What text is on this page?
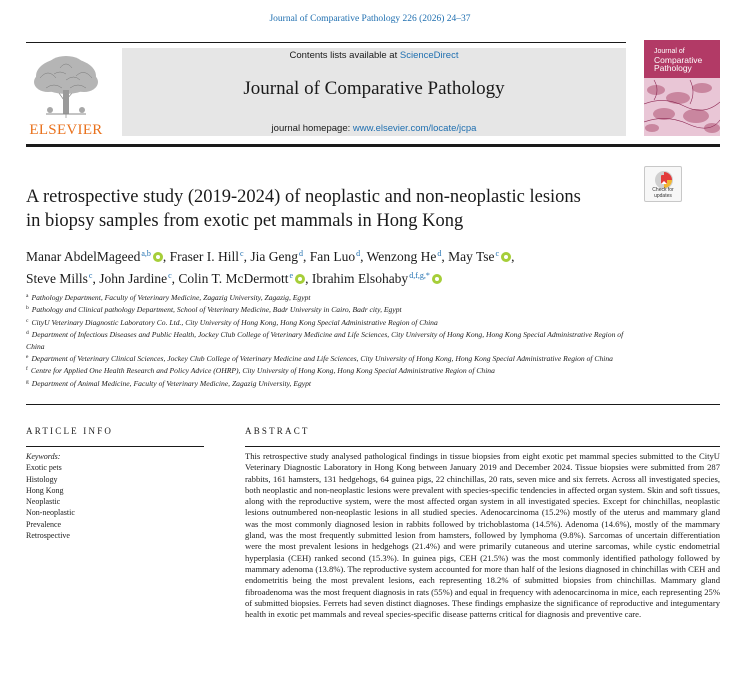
Journal of Comparative Pathology 226 (2026) 24–37
ELSEVIER
Contents lists available at ScienceDirect
Journal of Comparative Pathology
journal homepage: www.elsevier.com/locate/jcpa
Journal of
Comparative
Pathology
Check for
updates
A retrospective study (2019-2024) of neoplastic and non-neoplastic lesions
in biopsy samples from exotic pet mammals in Hong Kong
Manar AbdelMageed$^{a,b}$ , Fraser I. Hill$^c$, Jia Geng$^d$, Fan Luo$^d$, Wenzong He$^d$, May Tse$^c$ ,
Steve Mills$^c$, John Jardine$^c$, Colin T. McDermott$^e$ , Ibrahim Elsohaby$^{d,f,g,*}$
$^a$ Pathology Department, Faculty of Veterinary Medicine, Zagazig University, Zagazig, Egypt
$^b$ Pathology and Clinical pathology Department, School of Veterinary Medicine, Badr University in Cairo, Badr city, Egypt
$^c$ CityU Veterinary Diagnostic Laboratory Co. Ltd., City University of Hong Kong, Hong Kong Special Administrative Region of China
$^d$ Department of Infectious Diseases and Public Health, Jockey Club College of Veterinary Medicine and Life Sciences, City University of Hong Kong, Hong Kong Special Administrative Region of China
$^e$ Department of Veterinary Clinical Sciences, Jockey Club College of Veterinary Medicine and Life Sciences, City University of Hong Kong, Hong Kong Special Administrative Region of China
$^f$ Centre for Applied One Health Research and Policy Advice (OHRP), City University of Hong Kong, Hong Kong Special Administrative Region of China
$^g$ Department of Animal Medicine, Faculty of Veterinary Medicine, Zagazig University, Egypt
ARTICLE INFO	ABSTRACT
Keywords:
Exotic pets
Histology
Hong Kong
Neoplastic
Non-neoplastic
Prevalence
Retrospective
This retrospective study analysed pathological findings in tissue biopsies from eight exotic pet mammal species submitted to the CityU Veterinary Diagnostic Laboratory in Hong Kong between January 2019 and December 2024. Tissue biopsies were submitted from 287 rabbits, 161 hamsters, 131 hedgehogs, 64 guinea pigs, 22 chinchillas, 20 rats, seven mice and six ferrets. Across all investigated species, both neoplastic and non-neoplastic lesions were prevalent with species-specific tendencies in affected organ system. Skin and soft tissues, along with the reproductive system, were the most affected organ system in all investigated species. Except for chinchillas, neoplastic lesions outnumbered non-neoplastic lesions in all studied species. Adenocarcinoma (15.2%) mostly of the uterus and mammary gland was the most commonly diagnosed lesion in rabbits followed by trichoblastoma (14.5%). Adenoma (14.6%), mostly of the mammary gland, was the most frequently submitted lesion from hamsters, followed by lymphoma (9.8%). Sarcomas of uncertain differentiation were the most prevalent lesions in hedgehogs (21.4%) and were primarily cutaneous and uterine sarcomas, while cystic endometrial hyperplasia (CEH) ranked second (15.3%). In guinea pigs, CEH (21.5%) was the most commonly identified pathology followed by mammary adenoma (13.8%). The reproductive system accounted for more than half of the lesions diagnosed in chinchillas with CEH and endometritis being the most prevalent lesions, each representing 18.2% of submitted biopsies from chinchillas. Mammary gland fibroadenoma was the most frequent diagnosis in rats (55%) and equal in frequency with adenocarcinoma in mice, each representing 25% of submitted biopsies. Ferrets had seven distinct diagnoses. These findings emphasize the significance of reproductive and integumentary health in exotic pet mammals and reveal species-specific disease patterns critical for diagnosis and preventive care.
